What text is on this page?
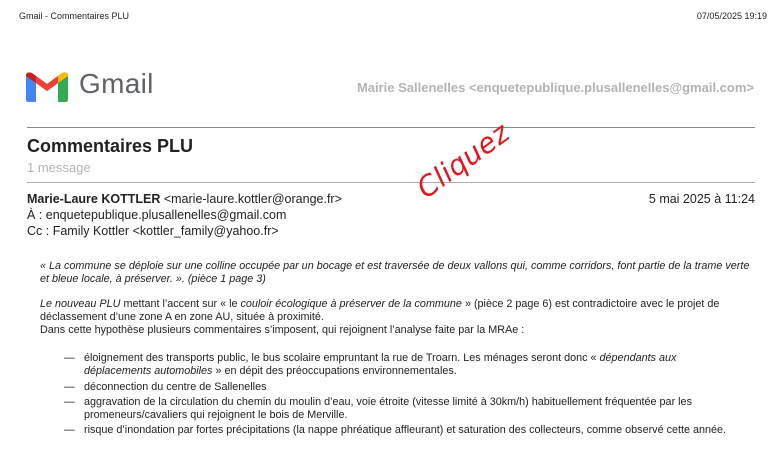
Gmail - Commentaires PLU	07/05/2025 19:19
Gmail	Mairie Sallenelles <enquetepublique.plusallenelles@gmail.com>
Commentaires PLU
1 message	Cliquez
Marie-Laure KOTTLER <marie-laure.kottler@orange.fr>	5 mai 2025 à 11:24
À : enquetepublique.plusallenelles@gmail.com
Cc : Family Kottler <kottler_family@yahoo.fr>
« La commune se déploie sur une colline occupée par un bocage et est traversée de deux vallons qui, comme corridors, font partie de la trame verte et bleue locale, à préserver. ». (pièce 1 page 3)
Le nouveau PLU mettant l’accent sur « le couloir écologique à préserver de la commune » (pièce 2 page 6) est contradictoire avec le projet de déclassement d’une zone A en zone AU, située à proximité.
Dans cette hypothèse plusieurs commentaires s’imposent, qui rejoignent l’analyse faite par la MRAe :
— éloignement des transports public, le bus scolaire empruntant la rue de Troarn. Les ménages seront donc « dépendants aux déplacements automobiles » en dépit des préoccupations environnementales.
— déconnection du centre de Sallenelles
— aggravation de la circulation du chemin du moulin d’eau, voie étroite (vitesse limité à 30km/h) habituellement fréquentée par les promeneurs/cavaliers qui rejoignent le bois de Merville.
— risque d’inondation par fortes précipitations (la nappe phréatique affleurant) et saturation des collecteurs, comme observé cette année.
